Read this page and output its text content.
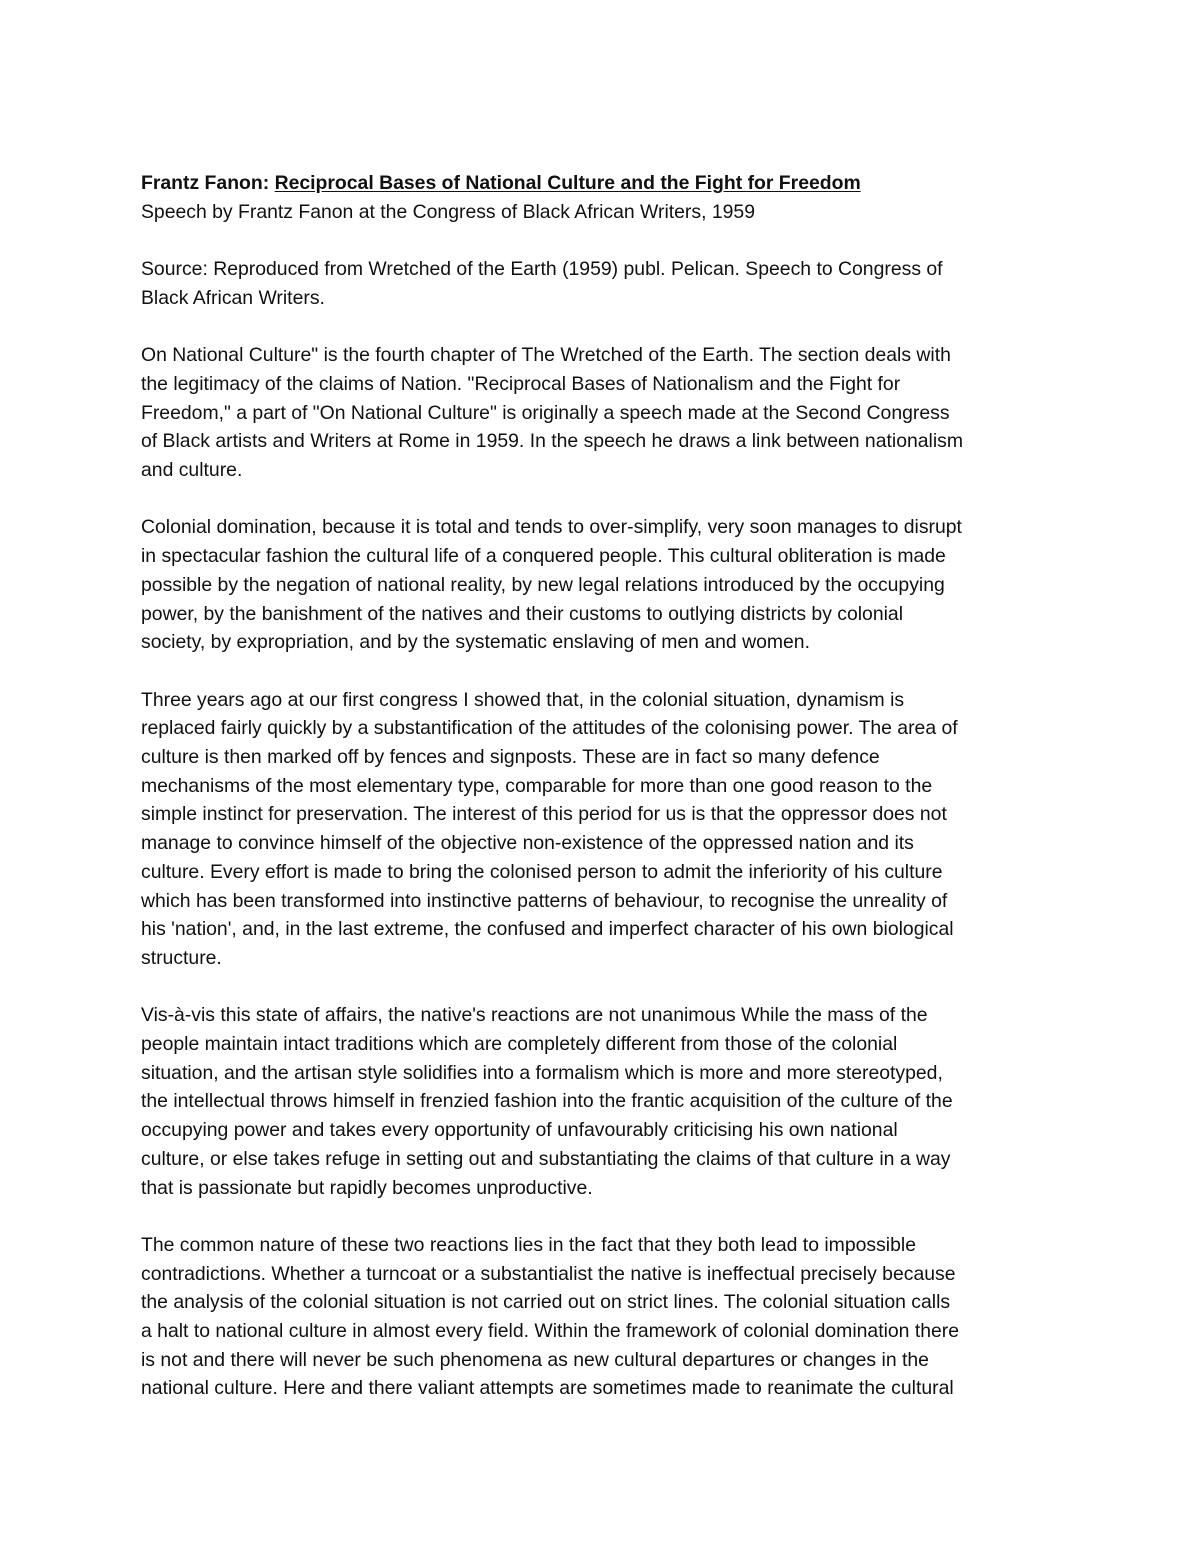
Frantz Fanon: Reciprocal Bases of National Culture and the Fight for Freedom

Speech by Frantz Fanon at the Congress of Black African Writers, 1959

Source: Reproduced from Wretched of the Earth (1959) publ. Pelican. Speech to Congress of
Black African Writers.

On National Culture" is the fourth chapter of The Wretched of the Earth. The section deals with
the legitimacy of the claims of Nation. "Reciprocal Bases of Nationalism and the Fight for
Freedom," a part of "On National Culture" is originally a speech made at the Second Congress
of Black artists and Writers at Rome in 1959. In the speech he draws a link between nationalism
and culture.

Colonial domination, because it is total and tends to over-simplify, very soon manages to disrupt
in spectacular fashion the cultural life of a conquered people. This cultural obliteration is made
possible by the negation of national reality, by new legal relations introduced by the occupying
power, by the banishment of the natives and their customs to outlying districts by colonial
society, by expropriation, and by the systematic enslaving of men and women.

Three years ago at our first congress I showed that, in the colonial situation, dynamism is
replaced fairly quickly by a substantification of the attitudes of the colonising power. The area of
culture is then marked off by fences and signposts. These are in fact so many defence
mechanisms of the most elementary type, comparable for more than one good reason to the
simple instinct for preservation. The interest of this period for us is that the oppressor does not
manage to convince himself of the objective non-existence of the oppressed nation and its
culture. Every effort is made to bring the colonised person to admit the inferiority of his culture
which has been transformed into instinctive patterns of behaviour, to recognise the unreality of
his 'nation', and, in the last extreme, the confused and imperfect character of his own biological
structure.

Vis-à-vis this state of affairs, the native's reactions are not unanimous While the mass of the
people maintain intact traditions which are completely different from those of the colonial
situation, and the artisan style solidifies into a formalism which is more and more stereotyped,
the intellectual throws himself in frenzied fashion into the frantic acquisition of the culture of the
occupying power and takes every opportunity of unfavourably criticising his own national
culture, or else takes refuge in setting out and substantiating the claims of that culture in a way
that is passionate but rapidly becomes unproductive.

The common nature of these two reactions lies in the fact that they both lead to impossible
contradictions. Whether a turncoat or a substantialist the native is ineffectual precisely because
the analysis of the colonial situation is not carried out on strict lines. The colonial situation calls
a halt to national culture in almost every field. Within the framework of colonial domination there
is not and there will never be such phenomena as new cultural departures or changes in the
national culture. Here and there valiant attempts are sometimes made to reanimate the cultural
